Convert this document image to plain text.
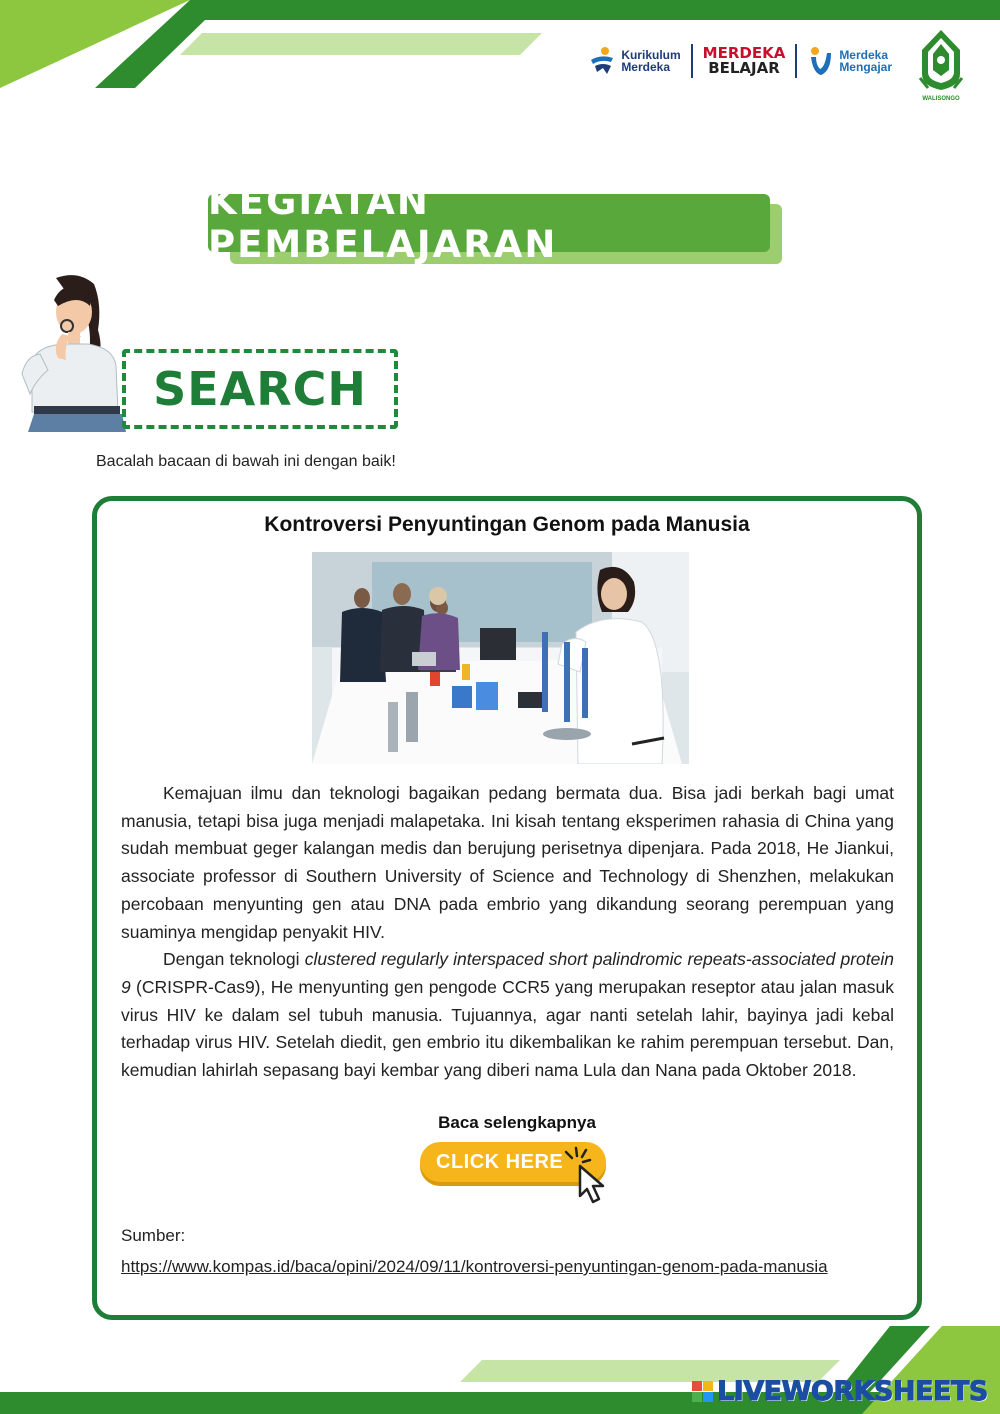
Kurikulum
Merdeka
MERDEKA
BELAJAR
Merdeka
Mengajar
WALISONGO
KEGIATAN PEMBELAJARAN
SEARCH
Bacalah bacaan di bawah ini dengan baik!
Kontroversi Penyuntingan Genom pada Manusia

Kemajuan ilmu dan teknologi bagaikan pedang bermata dua. Bisa jadi berkah bagi umat manusia, tetapi bisa juga menjadi malapetaka. Ini kisah tentang eksperimen rahasia di China yang sudah membuat geger kalangan medis dan berujung perisetnya dipenjara. Pada 2018, He Jiankui, associate professor di Southern University of Science and Technology di Shenzhen, melakukan percobaan menyunting gen atau DNA pada embrio yang dikandung seorang perempuan yang suaminya mengidap penyakit HIV.

Dengan teknologi clustered regularly interspaced short palindromic repeats-associated protein 9 (CRISPR-Cas9), He menyunting gen pengode CCR5 yang merupakan reseptor atau jalan masuk virus HIV ke dalam sel tubuh manusia. Tujuannya, agar nanti setelah lahir, bayinya jadi kebal terhadap virus HIV. Setelah diedit, gen embrio itu dikembalikan ke rahim perempuan tersebut. Dan, kemudian lahirlah sepasang bayi kembar yang diberi nama Lula dan Nana pada Oktober 2018.

Baca selengkapnya
CLICK HERE
Sumber:
https://www.kompas.id/baca/opini/2024/09/11/kontroversi-penyuntingan-genom-pada-manusia
LIVEWORKSHEETS
